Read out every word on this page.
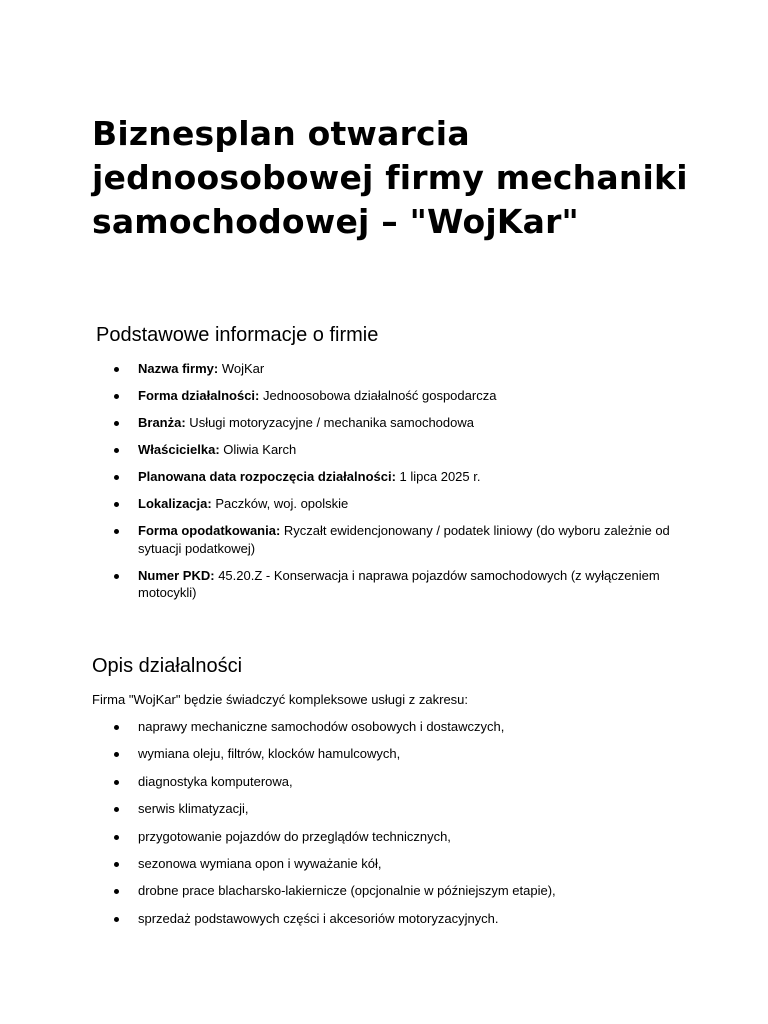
Biznesplan otwarcia jednoosobowej firmy mechaniki samochodowej – "WojKar"
Podstawowe informacje o firmie
Nazwa firmy: WojKar
Forma działalności: Jednoosobowa działalność gospodarcza
Branża: Usługi motoryzacyjne / mechanika samochodowa
Właścicielka: Oliwia Karch
Planowana data rozpoczęcia działalności: 1 lipca 2025 r.
Lokalizacja: Paczków, woj. opolskie
Forma opodatkowania: Ryczałt ewidencjonowany / podatek liniowy (do wyboru zależnie od sytuacji podatkowej)
Numer PKD: 45.20.Z - Konserwacja i naprawa pojazdów samochodowych (z wyłączeniem motocykli)
Opis działalności

Firma "WojKar" będzie świadczyć kompleksowe usługi z zakresu:

naprawy mechaniczne samochodów osobowych i dostawczych,
wymiana oleju, filtrów, klocków hamulcowych,
diagnostyka komputerowa,
serwis klimatyzacji,
przygotowanie pojazdów do przeglądów technicznych,
sezonowa wymiana opon i wyważanie kół,
drobne prace blacharsko-lakiernicze (opcjonalnie w późniejszym etapie),
sprzedaż podstawowych części i akcesoriów motoryzacyjnych.
